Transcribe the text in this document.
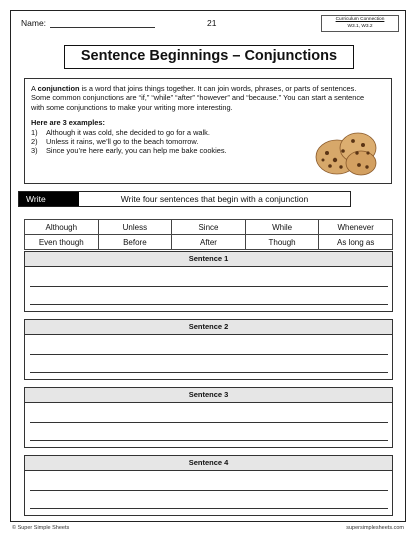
Name:	21	Curriculum Connection
W3.1, W3.2
Sentence Beginnings – Conjunctions
A conjunction is a word that joins things together. It can join words, phrases, or parts of sentences. Some common conjunctions are “if,” “while” “after” “however” and “because.” You can start a sentence with some conjunctions to make your writing more interesting.
Here are 3 examples:
1)	Although it was cold, she decided to go for a walk.
2)	Unless it rains, we’ll go to the beach tomorrow.
3)	Since you’re here early, you can help me bake cookies.
Write	Write four sentences that begin with a conjunction
Although	Unless	Since	While	Whenever
Even though	Before	After	Though	As long as
Sentence 1
Sentence 2
Sentence 3
Sentence 4
© Super Simple Sheets	supersimplesheets.com
